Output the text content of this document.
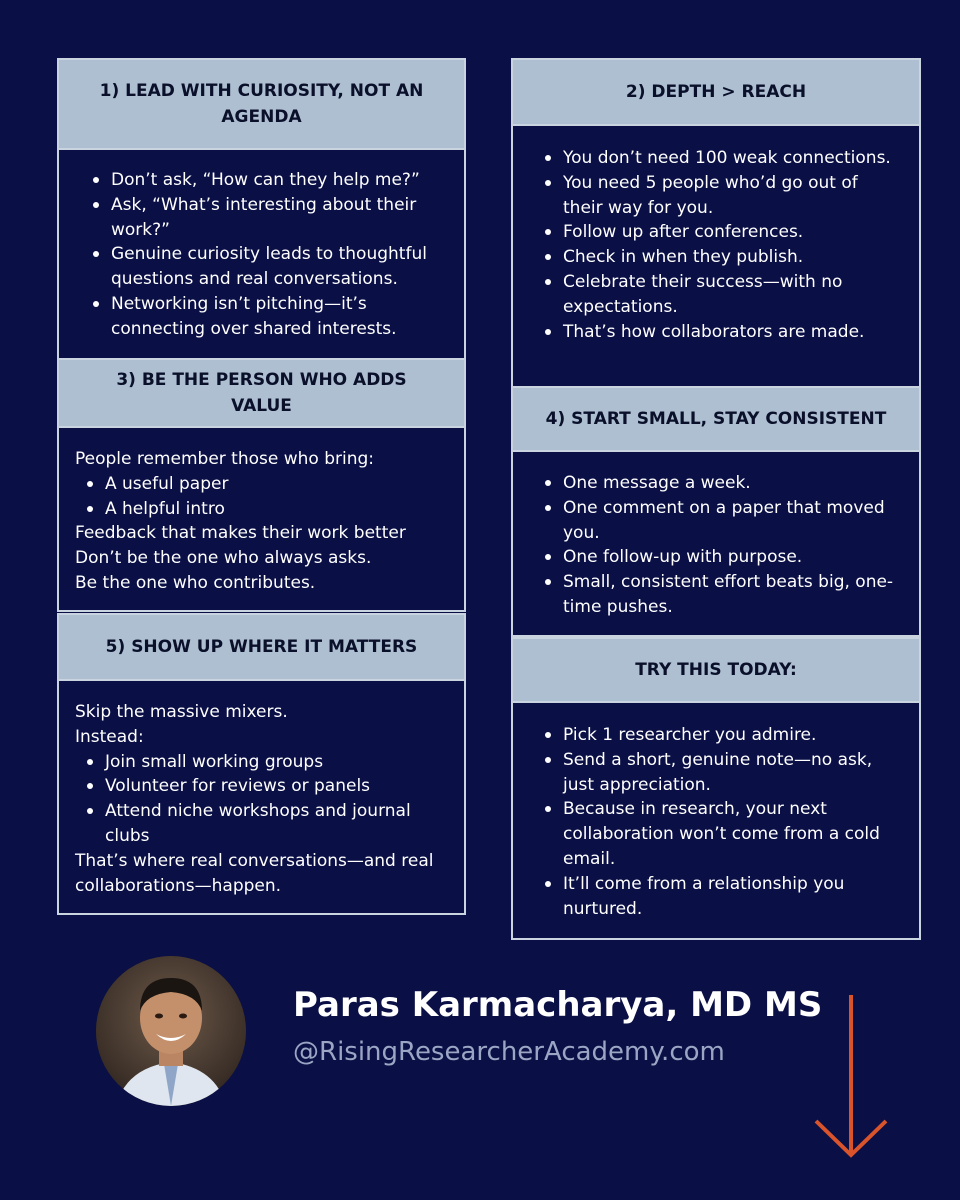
1) LEAD WITH CURIOSITY, NOT AN AGENDA
Don’t ask, “How can they help me?”
Ask, “What’s interesting about their work?”
Genuine curiosity leads to thoughtful questions and real conversations.
Networking isn’t pitching—it’s connecting over shared interests.
3) BE THE PERSON WHO ADDS VALUE
People remember those who bring:
A useful paper
A helpful intro
Feedback that makes their work better
Don’t be the one who always asks.
Be the one who contributes.
5) SHOW UP WHERE IT MATTERS
Skip the massive mixers.
Instead:
Join small working groups
Volunteer for reviews or panels
Attend niche workshops and journal clubs
That’s where real conversations—and real collaborations—happen.
2) DEPTH > REACH
You don’t need 100 weak connections.
You need 5 people who’d go out of their way for you.
Follow up after conferences.
Check in when they publish.
Celebrate their success—with no expectations.
That’s how collaborators are made.
4) START SMALL, STAY CONSISTENT
One message a week.
One comment on a paper that moved you.
One follow-up with purpose.
Small, consistent effort beats big, one-time pushes.
TRY THIS TODAY:
Pick 1 researcher you admire.
Send a short, genuine note—no ask, just appreciation.
Because in research, your next collaboration won’t come from a cold email.
It’ll come from a relationship you nurtured.
Paras Karmacharya, MD MS
@RisingResearcherAcademy.com
